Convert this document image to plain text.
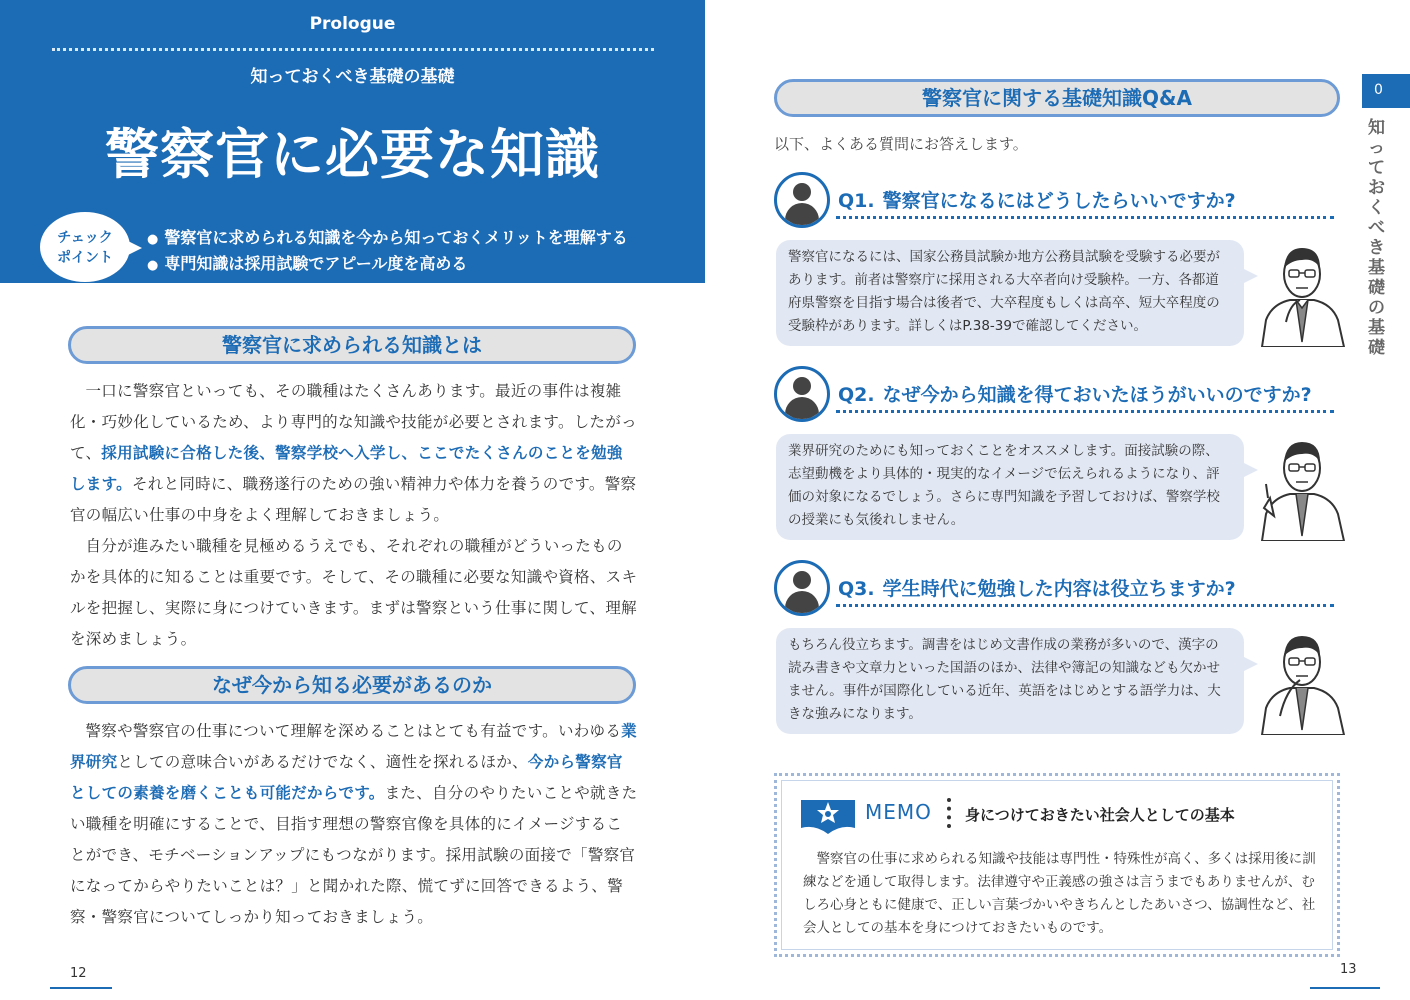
Prologue
知っておくべき基礎の基礎
警察官に必要な知識
チェック
ポイント
● 警察官に求められる知識を今から知っておくメリットを理解する
● 専門知識は採用試験でアピール度を高める
警察官に求められる知識とは

一口に警察官といっても、その職種はたくさんあります。最近の事件は複雑化・巧妙化しているため、より専門的な知識や技能が必要とされます。したがって、採用試験に合格した後、警察学校へ入学し、ここでたくさんのことを勉強します。それと同時に、職務遂行のための強い精神力や体力を養うのです。警察官の幅広い仕事の中身をよく理解しておきましょう。

自分が進みたい職種を見極めるうえでも、それぞれの職種がどういったものかを具体的に知ることは重要です。そして、その職種に必要な知識や資格、スキルを把握し、実際に身につけていきます。まずは警察という仕事に関して、理解を深めましょう。

なぜ今から知る必要があるのか

警察や警察官の仕事について理解を深めることはとても有益です。いわゆる業界研究としての意味合いがあるだけでなく、適性を探れるほか、今から警察官としての素養を磨くことも可能だからです。また、自分のやりたいことや就きたい職種を明確にすることで、目指す理想の警察官像を具体的にイメージすることができ、モチベーションアップにもつながります。採用試験の面接で「警察官になってからやりたいことは？」と聞かれた際、慌てずに回答できるよう、警察・警察官についてしっかり知っておきましょう。

12
警察官に関する基礎知識Q&A
以下、よくある質問にお答えします。
0
知っておくべき基礎の基礎
Q1. 警察官になるにはどうしたらいいですか?
警察官になるには、国家公務員試験か地方公務員試験を受験する必要があります。前者は警察庁に採用される大卒者向け受験枠。一方、各都道府県警察を目指す場合は後者で、大卒程度もしくは高卒、短大卒程度の受験枠があります。詳しくはP.38-39で確認してください。
Q2. なぜ今から知識を得ておいたほうがいいのですか?
業界研究のためにも知っておくことをオススメします。面接試験の際、志望動機をより具体的・現実的なイメージで伝えられるようになり、評価の対象になるでしょう。さらに専門知識を予習しておけば、警察学校の授業にも気後れしません。
Q3. 学生時代に勉強した内容は役立ちますか?
もちろん役立ちます。調書をはじめ文書作成の業務が多いので、漢字の読み書きや文章力といった国語のほか、法律や簿記の知識なども欠かせません。事件が国際化している近年、英語をはじめとする語学力は、大きな強みになります。
MEMO 身につけておきたい社会人としての基本
警察官の仕事に求められる知識や技能は専門性・特殊性が高く、多くは採用後に訓練などを通して取得します。法律遵守や正義感の強さは言うまでもありませんが、むしろ心身ともに健康で、正しい言葉づかいやきちんとしたあいさつ、協調性など、社会人としての基本を身につけておきたいものです。
13
